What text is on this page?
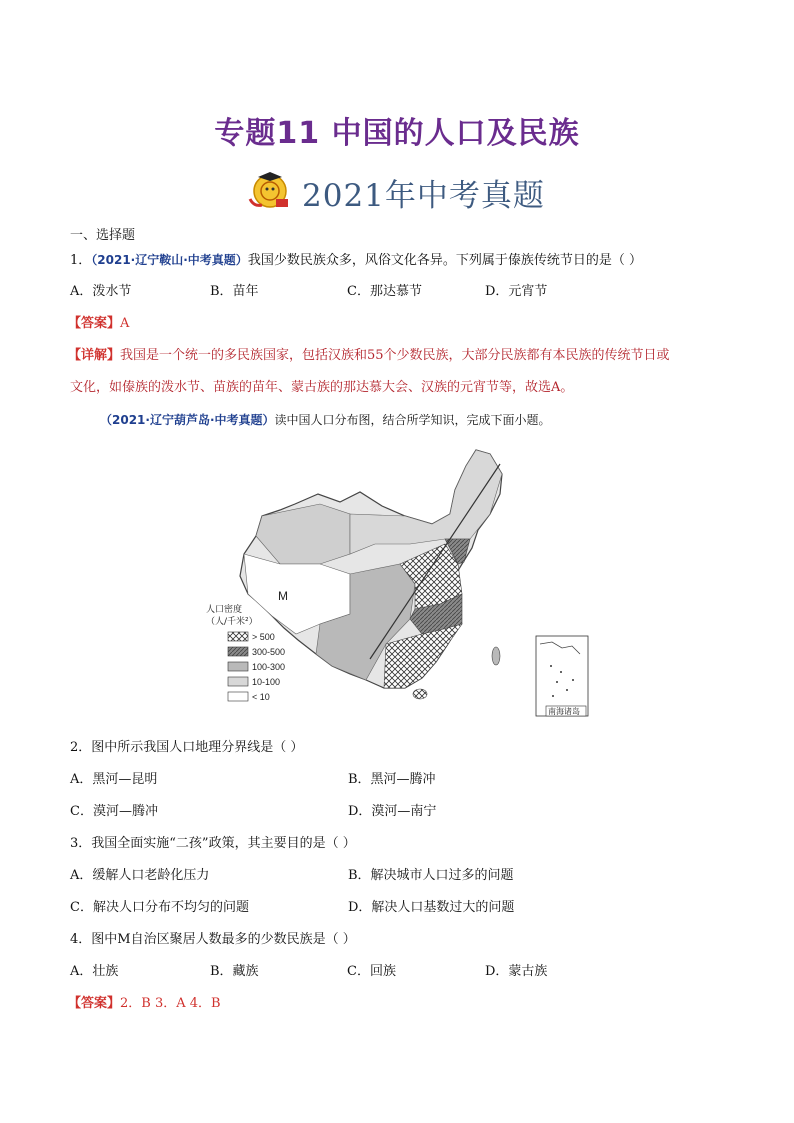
专题11 中国的人口及民族
2021年中考真题
一、选择题
1．（2021·辽宁鞍山·中考真题）我国少数民族众多，风俗文化各异。下列属于傣族传统节日的是（ ）
A．泼水节	B．苗年	C．那达慕节	D．元宵节
【答案】A
【详解】我国是一个统一的多民族国家，包括汉族和55个少数民族，大部分民族都有本民族的传统节日或
文化，如傣族的泼水节、苗族的苗年、蒙古族的那达慕大会、汉族的元宵节等，故选A。
（2021·辽宁葫芦岛·中考真题）读中国人口分布图，结合所学知识，完成下面小题。
M
人口密度
（人/千米²）
> 500
300-500
100-300
10-100
< 10
南海诸岛
2．图中所示我国人口地理分界线是（ ）
A．黑河—昆明	B．黑河—腾冲
C．漠河—腾冲	D．漠河—南宁
3．我国全面实施“二孩”政策，其主要目的是（ ）
A．缓解人口老龄化压力	B．解决城市人口过多的问题
C．解决人口分布不均匀的问题	D．解决人口基数过大的问题
4．图中M自治区聚居人数最多的少数民族是（ ）
A．壮族	B．藏族	C．回族	D．蒙古族
【答案】2．B 3．A 4．B
